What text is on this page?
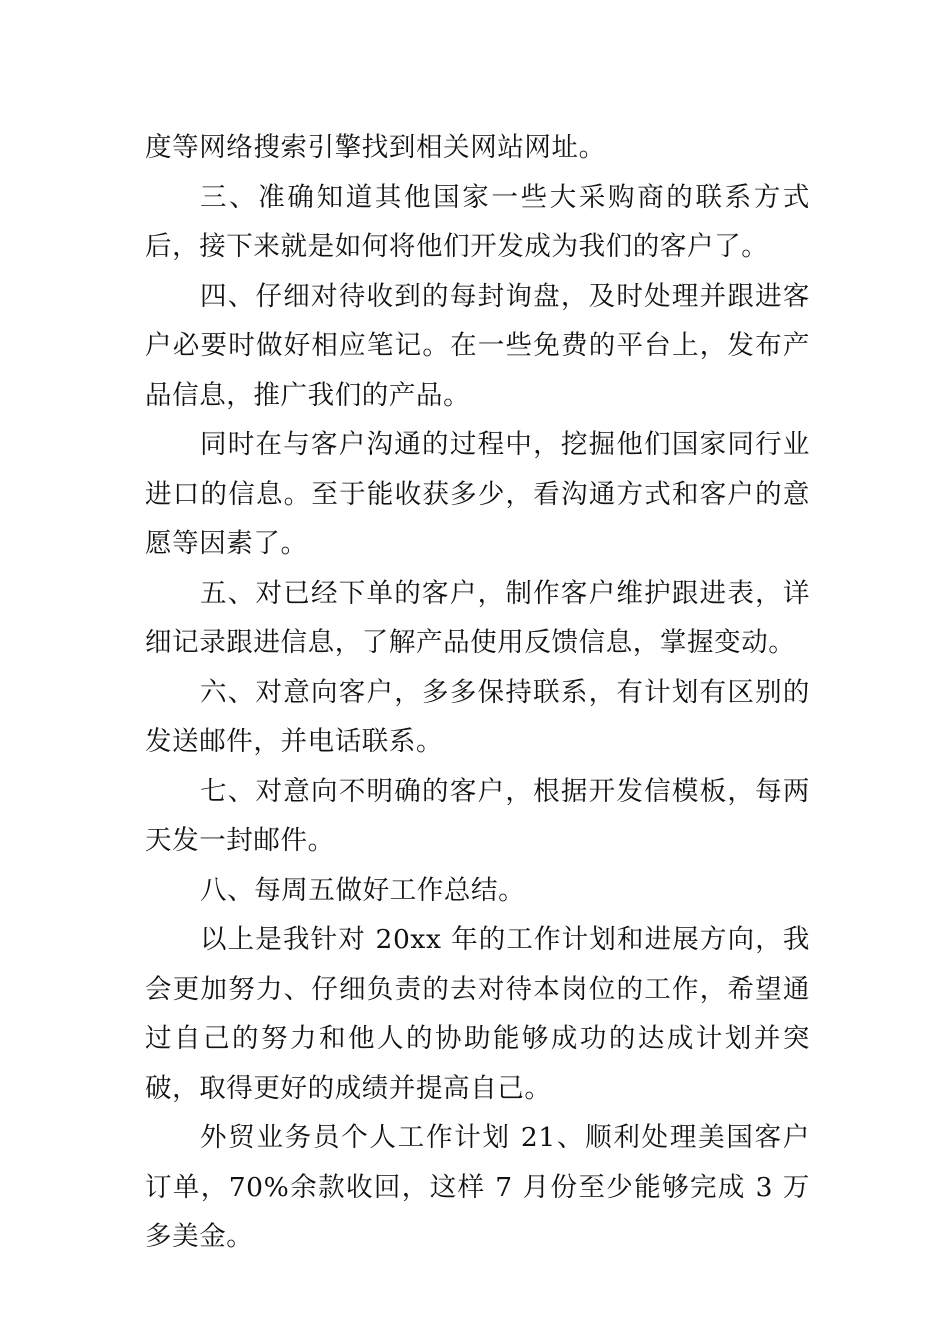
度等网络搜索引擎找到相关网站网址。

三、准确知道其他国家一些大采购商的联系方式后，接下来就是如何将他们开发成为我们的客户了。

四、仔细对待收到的每封询盘，及时处理并跟进客户必要时做好相应笔记。在一些免费的平台上，发布产品信息，推广我们的产品。

同时在与客户沟通的过程中，挖掘他们国家同行业进口的信息。至于能收获多少，看沟通方式和客户的意愿等因素了。

五、对已经下单的客户，制作客户维护跟进表，详细记录跟进信息，了解产品使用反馈信息，掌握变动。

六、对意向客户，多多保持联系，有计划有区别的发送邮件，并电话联系。

七、对意向不明确的客户，根据开发信模板，每两天发一封邮件。

八、每周五做好工作总结。

以上是我针对 20xx 年的工作计划和进展方向，我会更加努力、仔细负责的去对待本岗位的工作，希望通过自己的努力和他人的协助能够成功的达成计划并突破，取得更好的成绩并提高自己。

外贸业务员个人工作计划 21、顺利处理美国客户订单，70%余款收回，这样 7 月份至少能够完成 3 万多美金。
